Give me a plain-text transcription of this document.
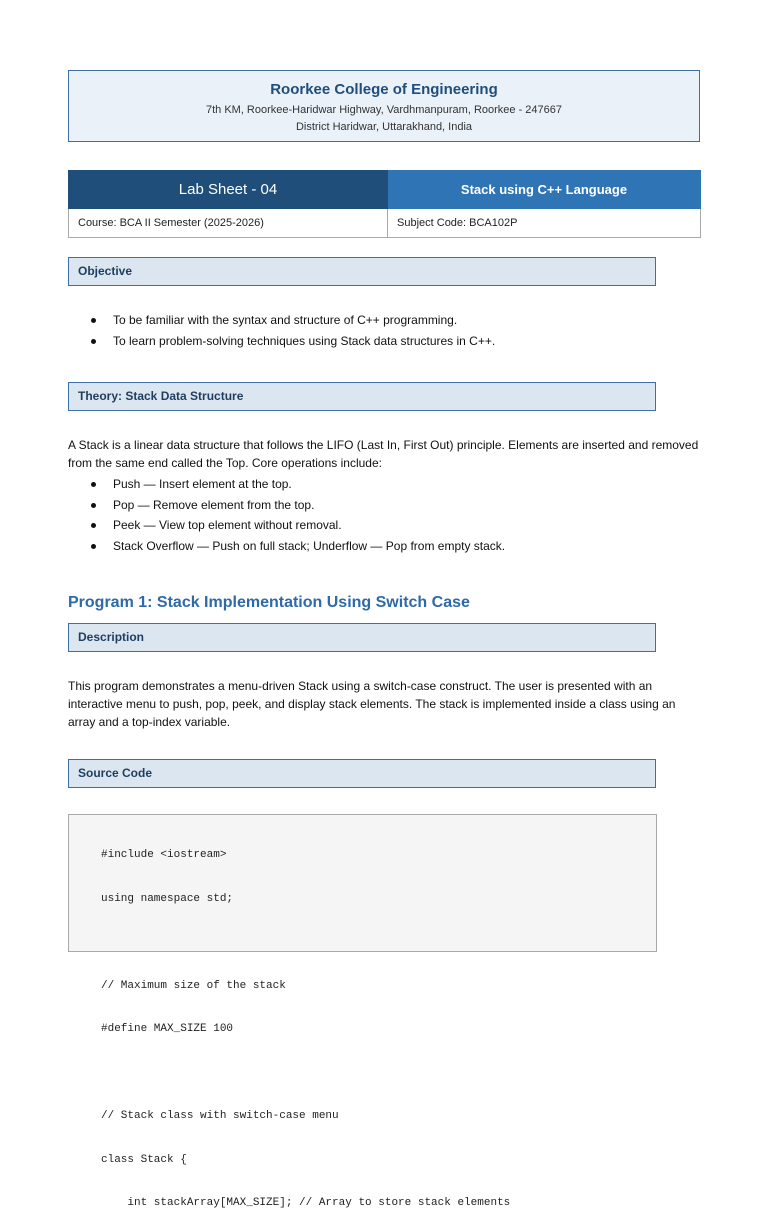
Roorkee College of Engineering
7th KM, Roorkee-Haridwar Highway, Vardhmanpuram, Roorkee - 247667
District Haridwar, Uttarakhand, India
Lab Sheet - 04	Stack using C++ Language
Course: BCA II Semester (2025-2026)	Subject Code: BCA102P
Objective
To be familiar with the syntax and structure of C++ programming.
To learn problem-solving techniques using Stack data structures in C++.
Theory: Stack Data Structure
A Stack is a linear data structure that follows the LIFO (Last In, First Out) principle. Elements are inserted and removed from the same end called the Top. Core operations include:
Push — Insert element at the top.
Pop — Remove element from the top.
Peek — View top element without removal.
Stack Overflow — Push on full stack; Underflow — Pop from empty stack.
Program 1: Stack Implementation Using Switch Case
Description
This program demonstrates a menu-driven Stack using a switch-case construct. The user is presented with an interactive menu to push, pop, peek, and display stack elements. The stack is implemented inside a class using an array and a top-index variable.
Source Code

#include <iostream>

using namespace std;

// Maximum size of the stack

#define MAX_SIZE 100

// Stack class with switch-case menu

class Stack {

int stackArray[MAX_SIZE]; // Array to store stack elements
